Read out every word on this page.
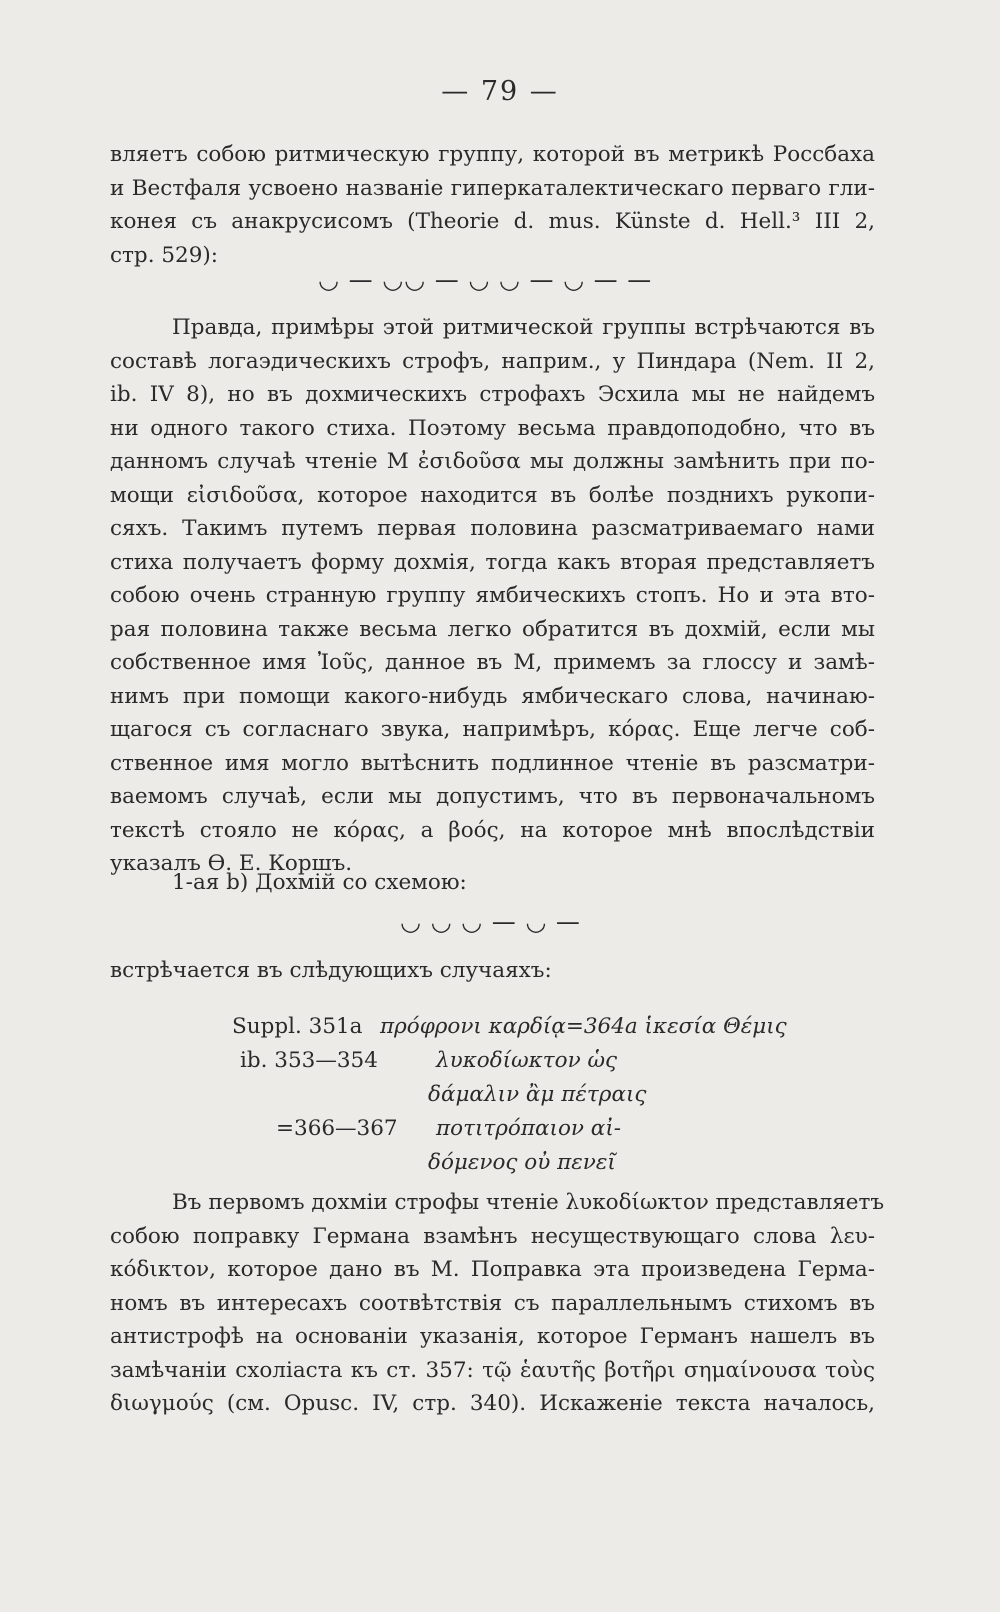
— 79 —
вляетъ собою ритмическую группу, которой въ метрикѣ Россбаха
и Вестфаля усвоено названіе гиперкаталектическаго перваго гли-
конея съ анакрусисомъ (Theorie d. mus. Künste d. Hell.³ III 2,
стр. 529):
◡ — ◡◡ — ◡ ◡ — ◡ — —
Правда, примѣры этой ритмической группы встрѣчаются въ
составѣ логаэдическихъ строфъ, наприм., у Пиндара (Nem. II 2,
ib. IV 8), но въ дохмическихъ строфахъ Эсхила мы не найдемъ
ни одного такого стиха. Поэтому весьма правдоподобно, что въ
данномъ случаѣ чтеніе M ἐσιδοῦσα мы должны замѣнить при по-
мощи εἰσιδοῦσα, которое находится въ болѣе позднихъ рукопи-
сяхъ. Такимъ путемъ первая половина разсматриваемаго нами
стиха получаетъ форму дохмія, тогда какъ вторая представляетъ
собою очень странную группу ямбическихъ стопъ. Но и эта вто-
рая половина также весьма легко обратится въ дохмій, если мы
собственное имя Ἰοῦς, данное въ M, примемъ за глоссу и замѣ-
нимъ при помощи какого-нибудь ямбическаго слова, начинаю-
щагося съ согласнаго звука, напримѣръ, κόρας. Еще легче соб-
ственное имя могло вытѣснить подлинное чтеніе въ разсматри-
ваемомъ случаѣ, если мы допустимъ, что въ первоначальномъ
текстѣ стояло не κόρας, а βοός, на которое мнѣ впослѣдствіи
указалъ Ѳ. Е. Коршъ.
1-ая b) Дохмій со схемою:
◡ ◡ ◡ — ◡ —
встрѣчается въ слѣдующихъ случаяхъ:
Suppl. 351a πρόφρονι καρδίᾳ=364a ἱκεσία Θέμις
ib. 353—354	λυκοδίωκτον ὡς
δάμαλιν ἂμ πέτραις
=366—367 ποτιτρόπαιον αἰ-
δόμενος οὐ πενεῖ
Въ первомъ дохміи строфы чтеніе λυκοδίωκτον представляетъ
собою поправку Германа взамѣнъ несуществующаго слова λευ-
κόδικτον, которое дано въ M. Поправка эта произведена Герма-
номъ въ интересахъ соотвѣтствія съ параллельнымъ стихомъ въ
антистрофѣ на основаніи указанія, которое Германъ нашелъ въ
замѣчаніи схоліаста къ ст. 357: τῷ ἑαυτῆς βοτῆρι σημαίνουσα τοὺς
διωγμούς (см. Opusc. IV, стр. 340). Искаженіе текста началось,
